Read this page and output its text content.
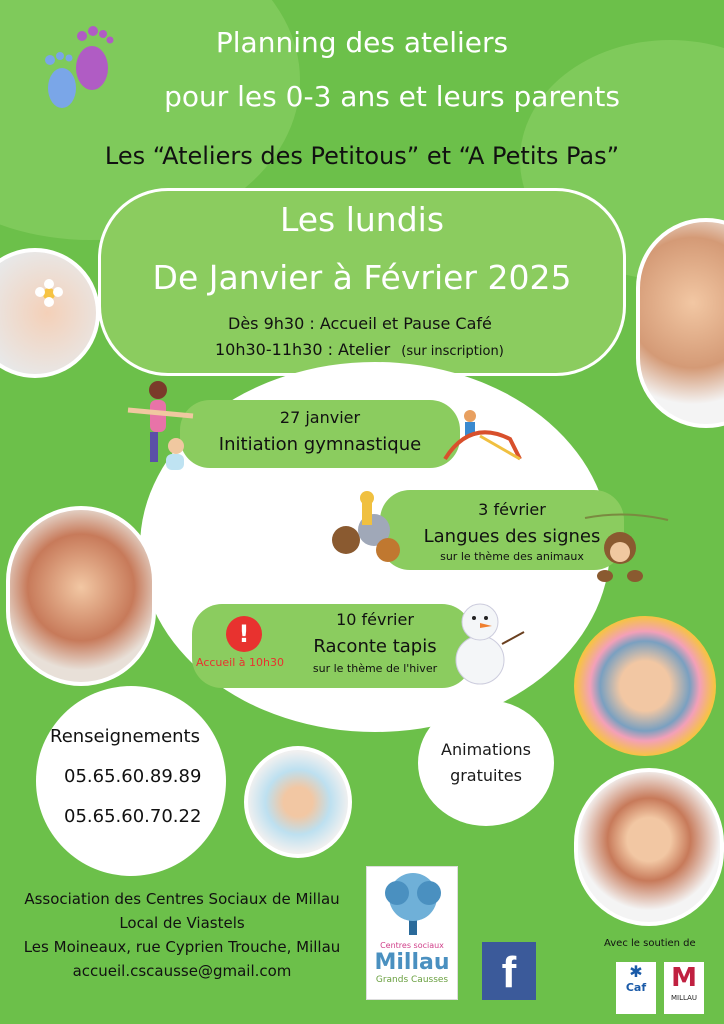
Planning des ateliers
pour les 0-3 ans et leurs parents
Les “Ateliers des Petitous” et “A Petits Pas”
Les lundis
De Janvier à Février 2025
Dès 9h30 : Accueil et Pause Café
10h30-11h30 : Atelier (sur inscription)
27 janvier
Initiation gymnastique
3 février
Langues des signes
sur le thème des animaux
!
Accueil à 10h30
10 février
Raconte tapis
sur le thème de l'hiver
Renseignements
05.65.60.89.89
05.65.60.70.22
Animations
gratuites
Association des Centres Sociaux de Millau
Local de Viastels
Les Moineaux, rue Cyprien Trouche, Millau
accueil.cscausse@gmail.com
Centres sociaux
Millau
Grands Causses	f
Avec le soutien de
✱
Caf M
MILLAU
